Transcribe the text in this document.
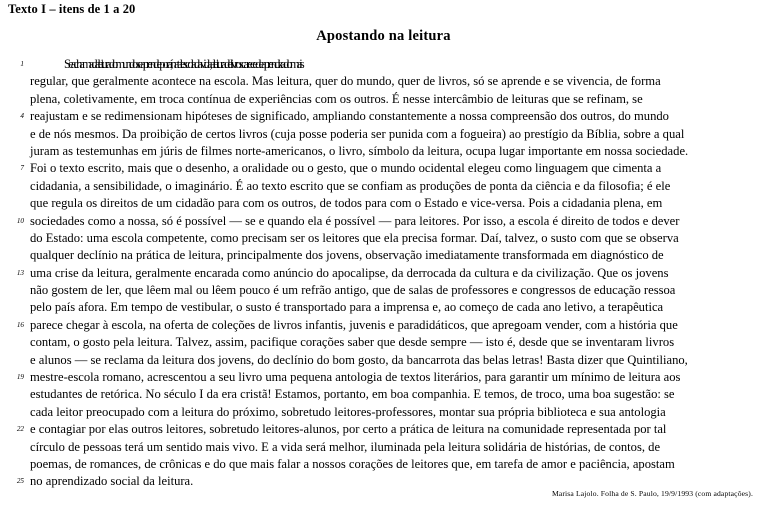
Texto I – itens de 1 a 20
Apostando na leitura
1	Se a chamada leitura do mundo se aprende por aí, na tal escola da vida, a leitura de livros carece de aprendizado mais
regular, que geralmente acontece na escola. Mas leitura, quer do mundo, quer de livros, só se aprende e se vivencia, de forma
plena, coletivamente, em troca contínua de experiências com os outros. É nesse intercâmbio de leituras que se refinam, se
4 reajustam e se redimensionam hipóteses de significado, ampliando constantemente a nossa compreensão dos outros, do mundo
e de nós mesmos. Da proibição de certos livros (cuja posse poderia ser punida com a fogueira) ao prestígio da Bíblia, sobre a qual
juram as testemunhas em júris de filmes norte-americanos, o livro, símbolo da leitura, ocupa lugar importante em nossa sociedade.
7 Foi o texto escrito, mais que o desenho, a oralidade ou o gesto, que o mundo ocidental elegeu como linguagem que cimenta a
cidadania, a sensibilidade, o imaginário. É ao texto escrito que se confiam as produções de ponta da ciência e da filosofia; é ele
que regula os direitos de um cidadão para com os outros, de todos para com o Estado e vice-versa. Pois a cidadania plena, em
10 sociedades como a nossa, só é possível — se e quando ela é possível — para leitores. Por isso, a escola é direito de todos e dever
do Estado: uma escola competente, como precisam ser os leitores que ela precisa formar. Daí, talvez, o susto com que se observa
qualquer declínio na prática de leitura, principalmente dos jovens, observação imediatamente transformada em diagnóstico de
13 uma crise da leitura, geralmente encarada como anúncio do apocalipse, da derrocada da cultura e da civilização. Que os jovens
não gostem de ler, que lêem mal ou lêem pouco é um refrão antigo, que de salas de professores e congressos de educação ressoa
pelo país afora. Em tempo de vestibular, o susto é transportado para a imprensa e, ao começo de cada ano letivo, a terapêutica
16 parece chegar à escola, na oferta de coleções de livros infantis, juvenis e paradidáticos, que apregoam vender, com a história que
contam, o gosto pela leitura. Talvez, assim, pacifique corações saber que desde sempre — isto é, desde que se inventaram livros
e alunos — se reclama da leitura dos jovens, do declínio do bom gosto, da bancarrota das belas letras! Basta dizer que Quintiliano,
19 mestre-escola romano, acrescentou a seu livro uma pequena antologia de textos literários, para garantir um mínimo de leitura aos
estudantes de retórica. No século I da era cristã! Estamos, portanto, em boa companhia. E temos, de troco, uma boa sugestão: se
cada leitor preocupado com a leitura do próximo, sobretudo leitores-professores, montar sua própria biblioteca e sua antologia
22 e contagiar por elas outros leitores, sobretudo leitores-alunos, por certo a prática de leitura na comunidade representada por tal
círculo de pessoas terá um sentido mais vivo. E a vida será melhor, iluminada pela leitura solidária de histórias, de contos, de
poemas, de romances, de crônicas e do que mais falar a nossos corações de leitores que, em tarefa de amor e paciência, apostam
25 no aprendizado social da leitura.
Marisa Lajolo. Folha de S. Paulo, 19/9/1993 (com adaptações).
